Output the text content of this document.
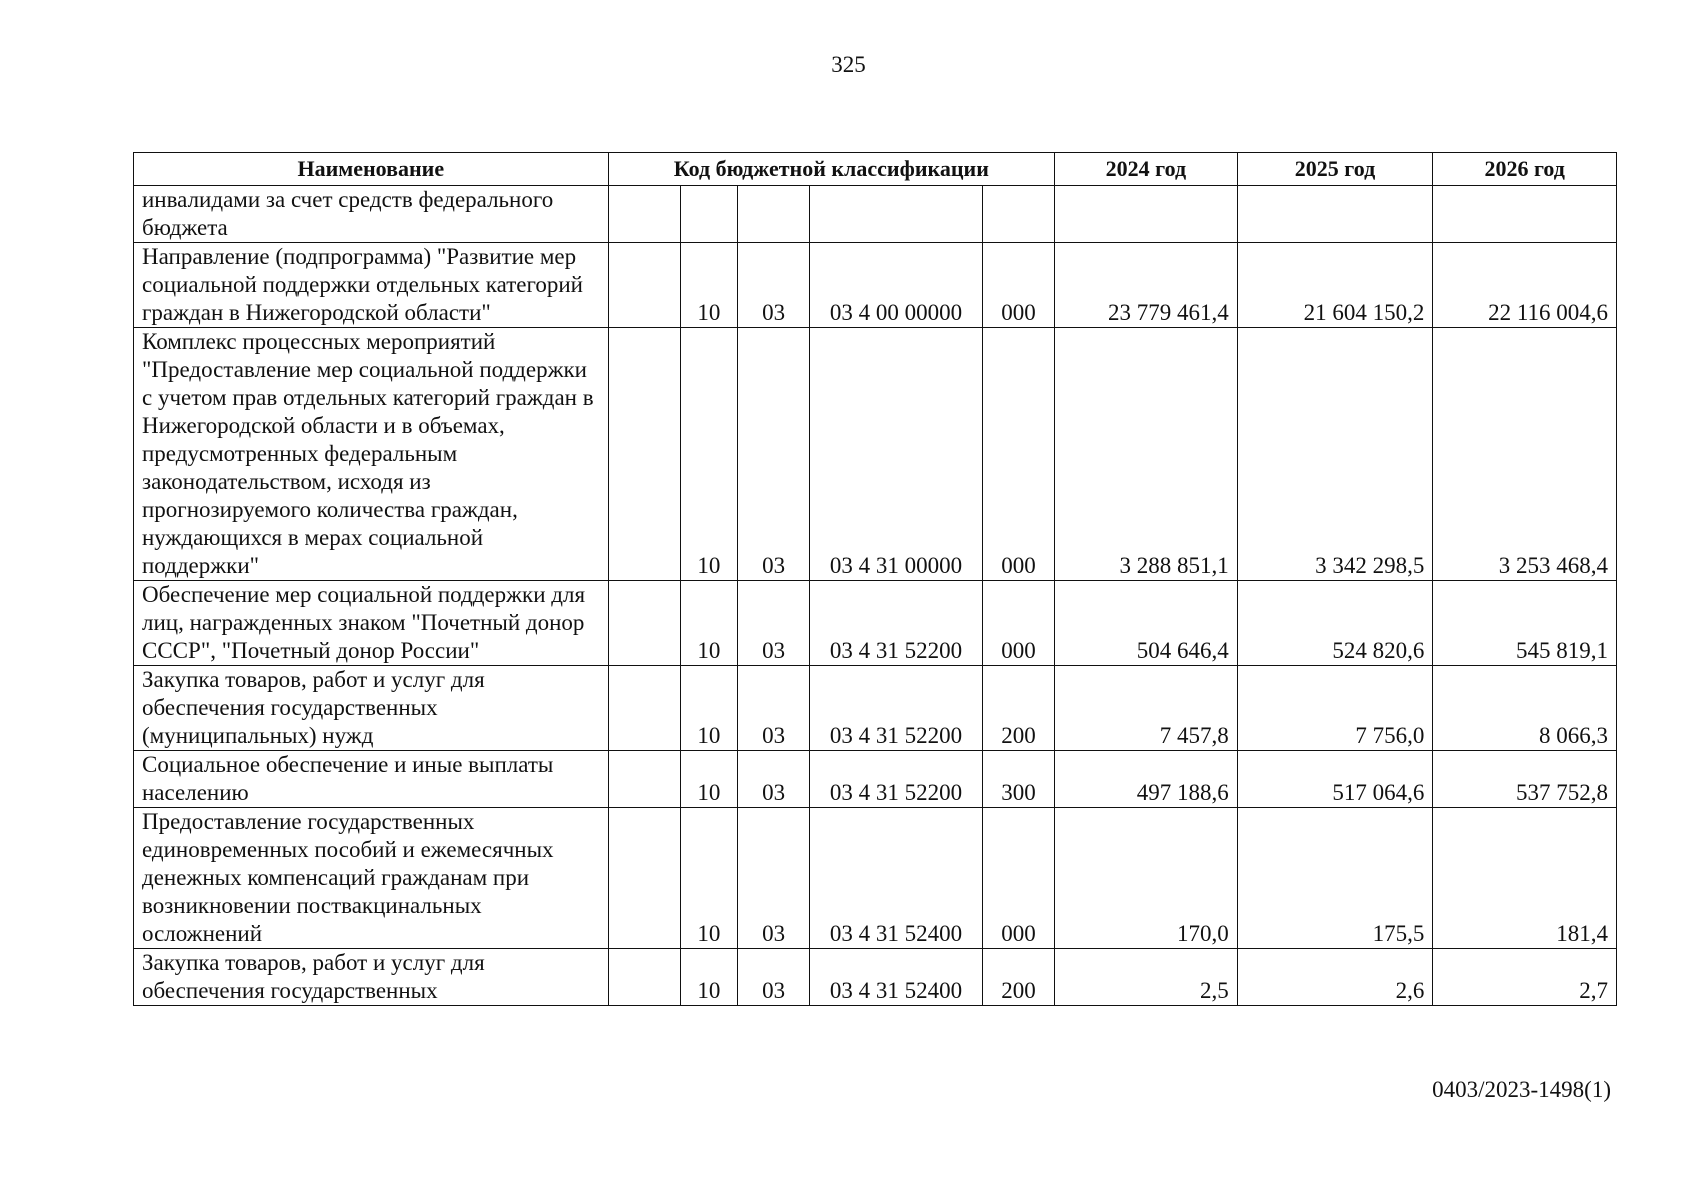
325
Наименование	Код бюджетной классификации					2024 год	2025 год	2026 год
инвалидами за счет средств федерального бюджета								
Направление (подпрограмма) "Развитие мер социальной поддержки отдельных категорий граждан в Нижегородской области"		10	03	03 4 00 00000	000	23 779 461,4	21 604 150,2	22 116 004,6
Комплекс процессных мероприятий "Предоставление мер социальной поддержки с учетом прав отдельных категорий граждан в Нижегородской области и в объемах, предусмотренных федеральным законодательством, исходя из прогнозируемого количества граждан, нуждающихся в мерах социальной поддержки"		10	03	03 4 31 00000	000	3 288 851,1	3 342 298,5	3 253 468,4
Обеспечение мер социальной поддержки для лиц, награжденных знаком "Почетный донор СССР", "Почетный донор России"		10	03	03 4 31 52200	000	504 646,4	524 820,6	545 819,1
Закупка товаров, работ и услуг для обеспечения государственных (муниципальных) нужд		10	03	03 4 31 52200	200	7 457,8	7 756,0	8 066,3
Социальное обеспечение и иные выплаты населению		10	03	03 4 31 52200	300	497 188,6	517 064,6	537 752,8
Предоставление государственных единовременных пособий и ежемесячных денежных компенсаций гражданам при возникновении поствакцинальных осложнений		10	03	03 4 31 52400	000	170,0	175,5	181,4
Закупка товаров, работ и услуг для обеспечения государственных		10	03	03 4 31 52400	200	2,5	2,6	2,7
0403/2023-1498(1)
